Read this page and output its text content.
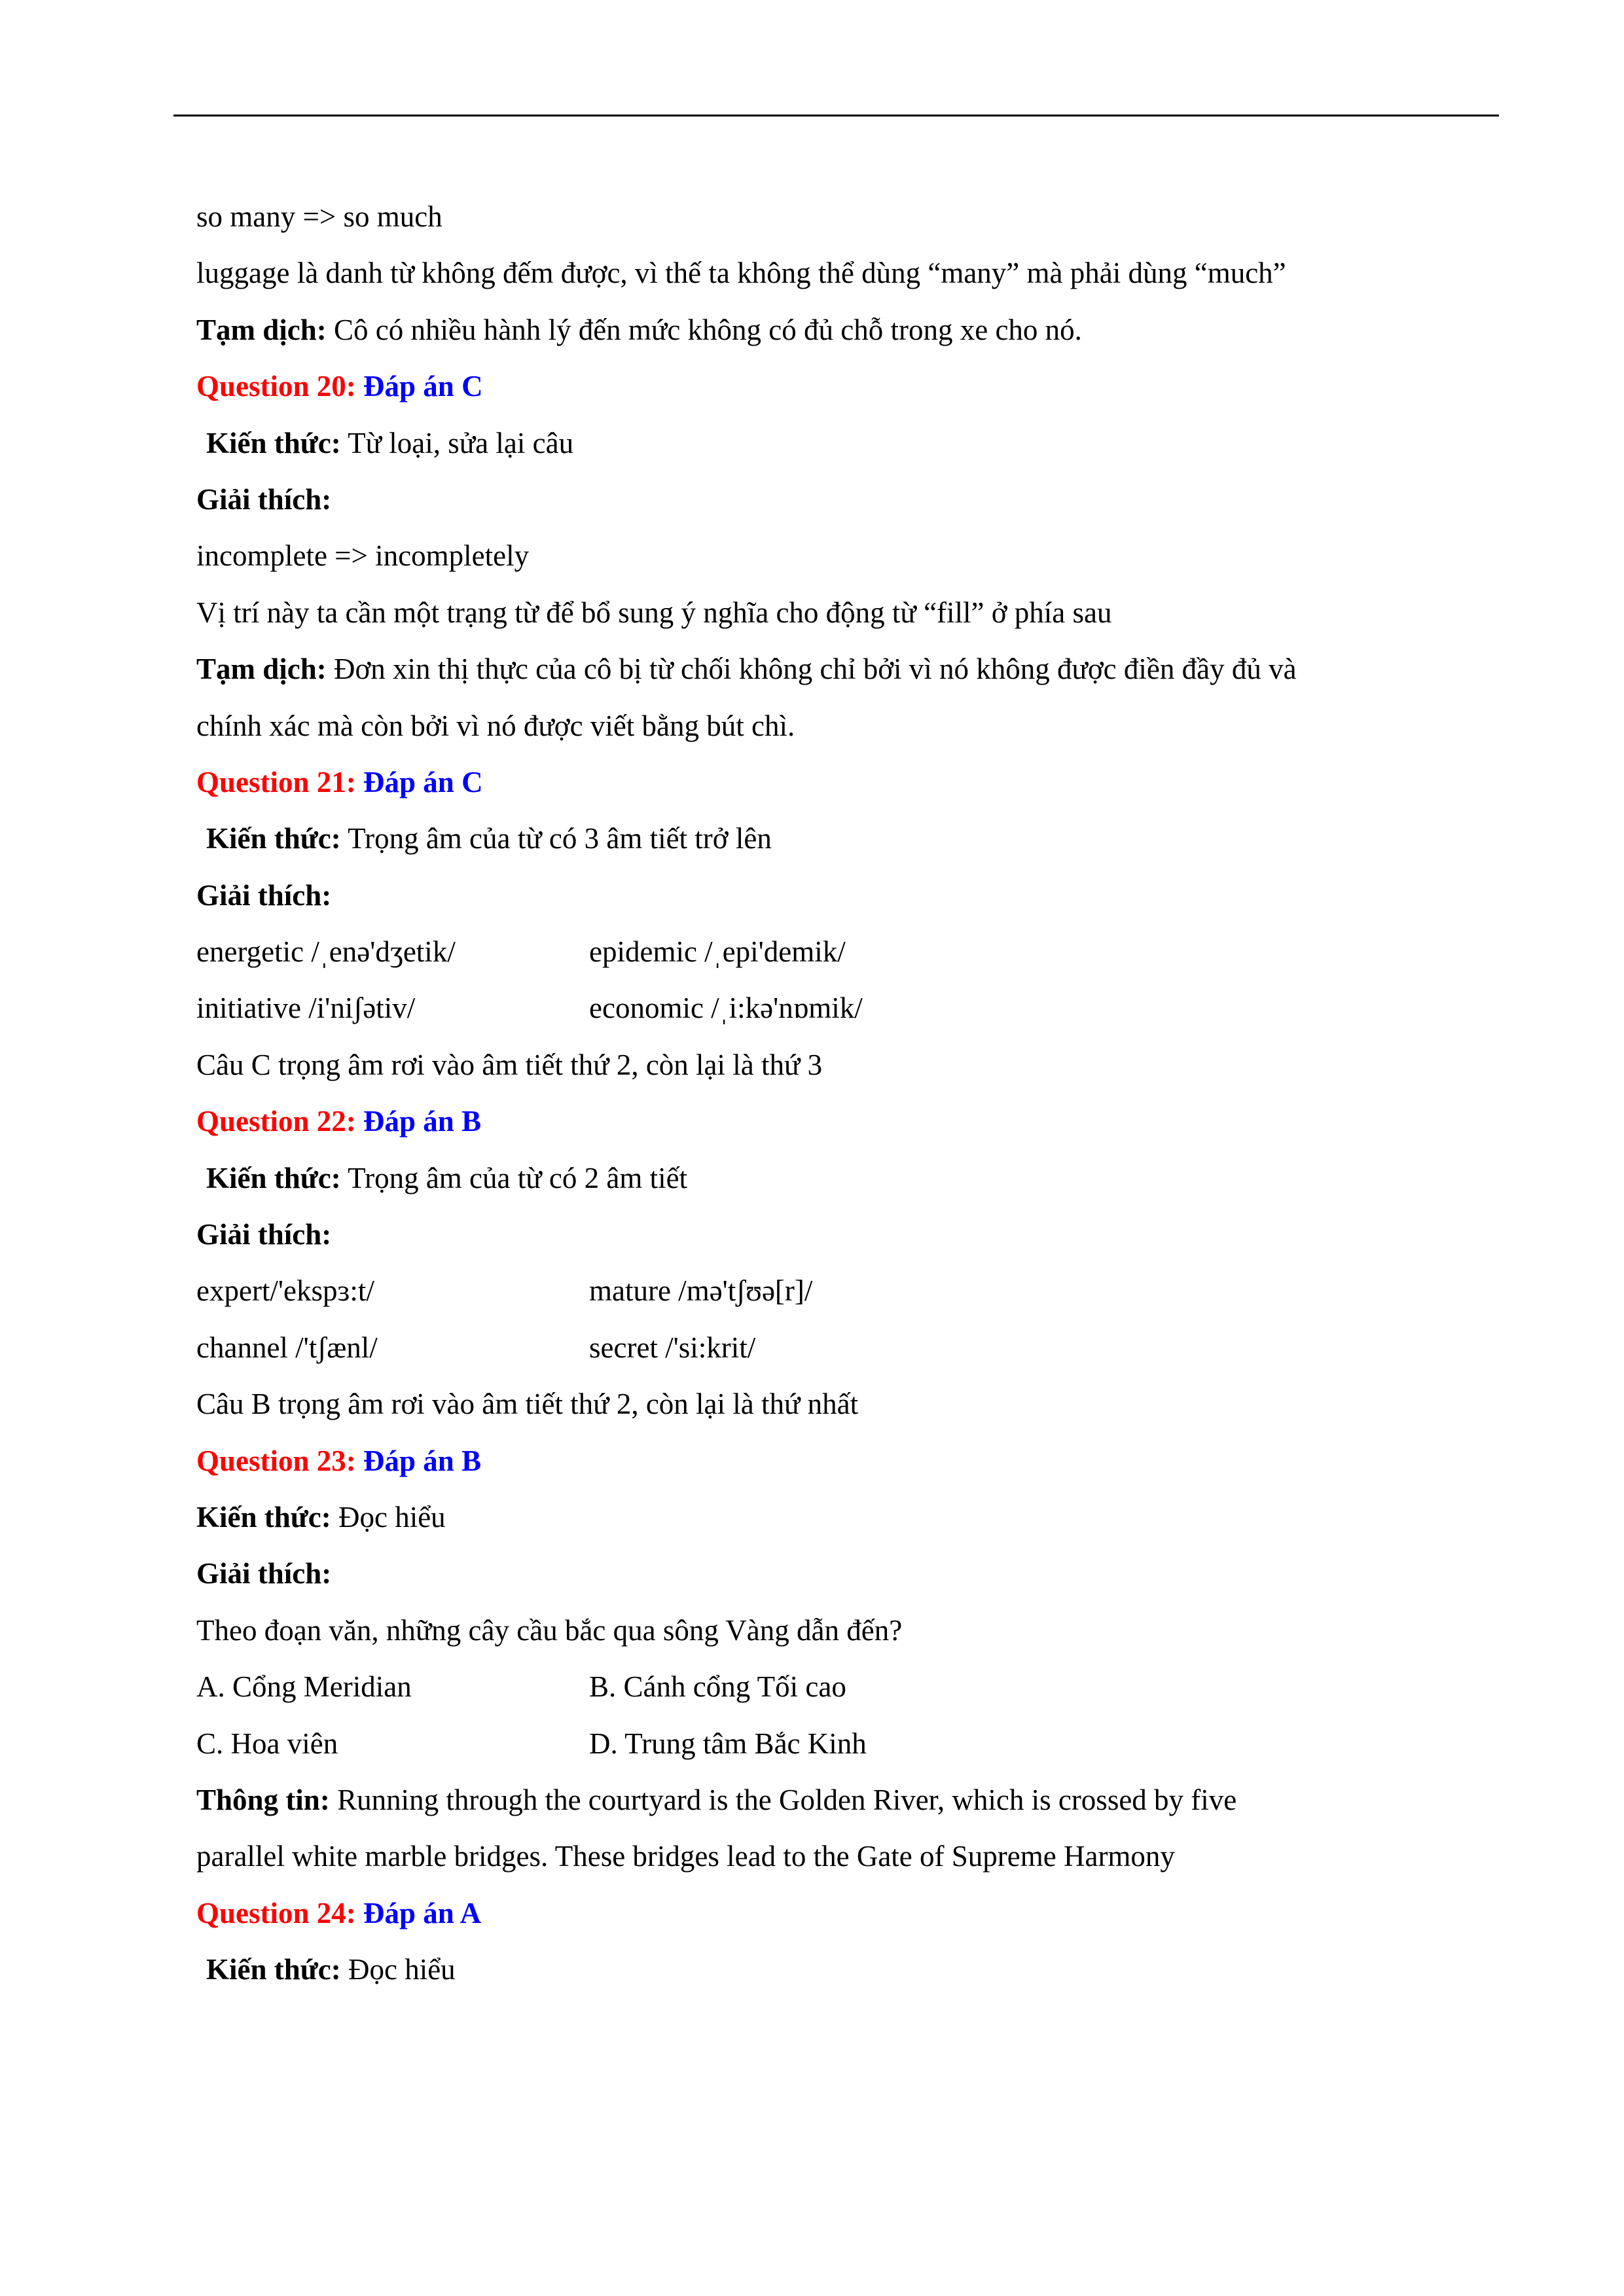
so many => so much
luggage là danh từ không đếm được, vì thế ta không thể dùng “many” mà phải dùng “much”
Tạm dịch: Cô có nhiều hành lý đến mức không có đủ chỗ trong xe cho nó.
Question 20: Đáp án C
Kiến thức: Từ loại, sửa lại câu
Giải thích:
incomplete => incompletely
Vị trí này ta cần một trạng từ để bổ sung ý nghĩa cho động từ “fill” ở phía sau
Tạm dịch: Đơn xin thị thực của cô bị từ chối không chỉ bởi vì nó không được điền đầy đủ và
chính xác mà còn bởi vì nó được viết bằng bút chì.
Question 21: Đáp án C
Kiến thức: Trọng âm của từ có 3 âm tiết trở lên
Giải thích:
energetic /ˌenə'dʒetik/	epidemic /ˌepi'demik/
initiative /i'niʃətiv/	economic /ˌi:kə'nɒmik/
Câu C trọng âm rơi vào âm tiết thứ 2, còn lại là thứ 3
Question 22: Đáp án B
Kiến thức: Trọng âm của từ có 2 âm tiết
Giải thích:
expert/'ekspɜ:t/	mature /mə'tʃʊə[r]/
channel /'tʃænl/	secret /'si:krit/
Câu B trọng âm rơi vào âm tiết thứ 2, còn lại là thứ nhất
Question 23: Đáp án B
Kiến thức: Đọc hiểu
Giải thích:
Theo đoạn văn, những cây cầu bắc qua sông Vàng dẫn đến?
A. Cổng Meridian	B. Cánh cổng Tối cao
C. Hoa viên	D. Trung tâm Bắc Kinh
Thông tin: Running through the courtyard is the Golden River, which is crossed by five
parallel white marble bridges. These bridges lead to the Gate of Supreme Harmony
Question 24: Đáp án A
Kiến thức: Đọc hiểu
